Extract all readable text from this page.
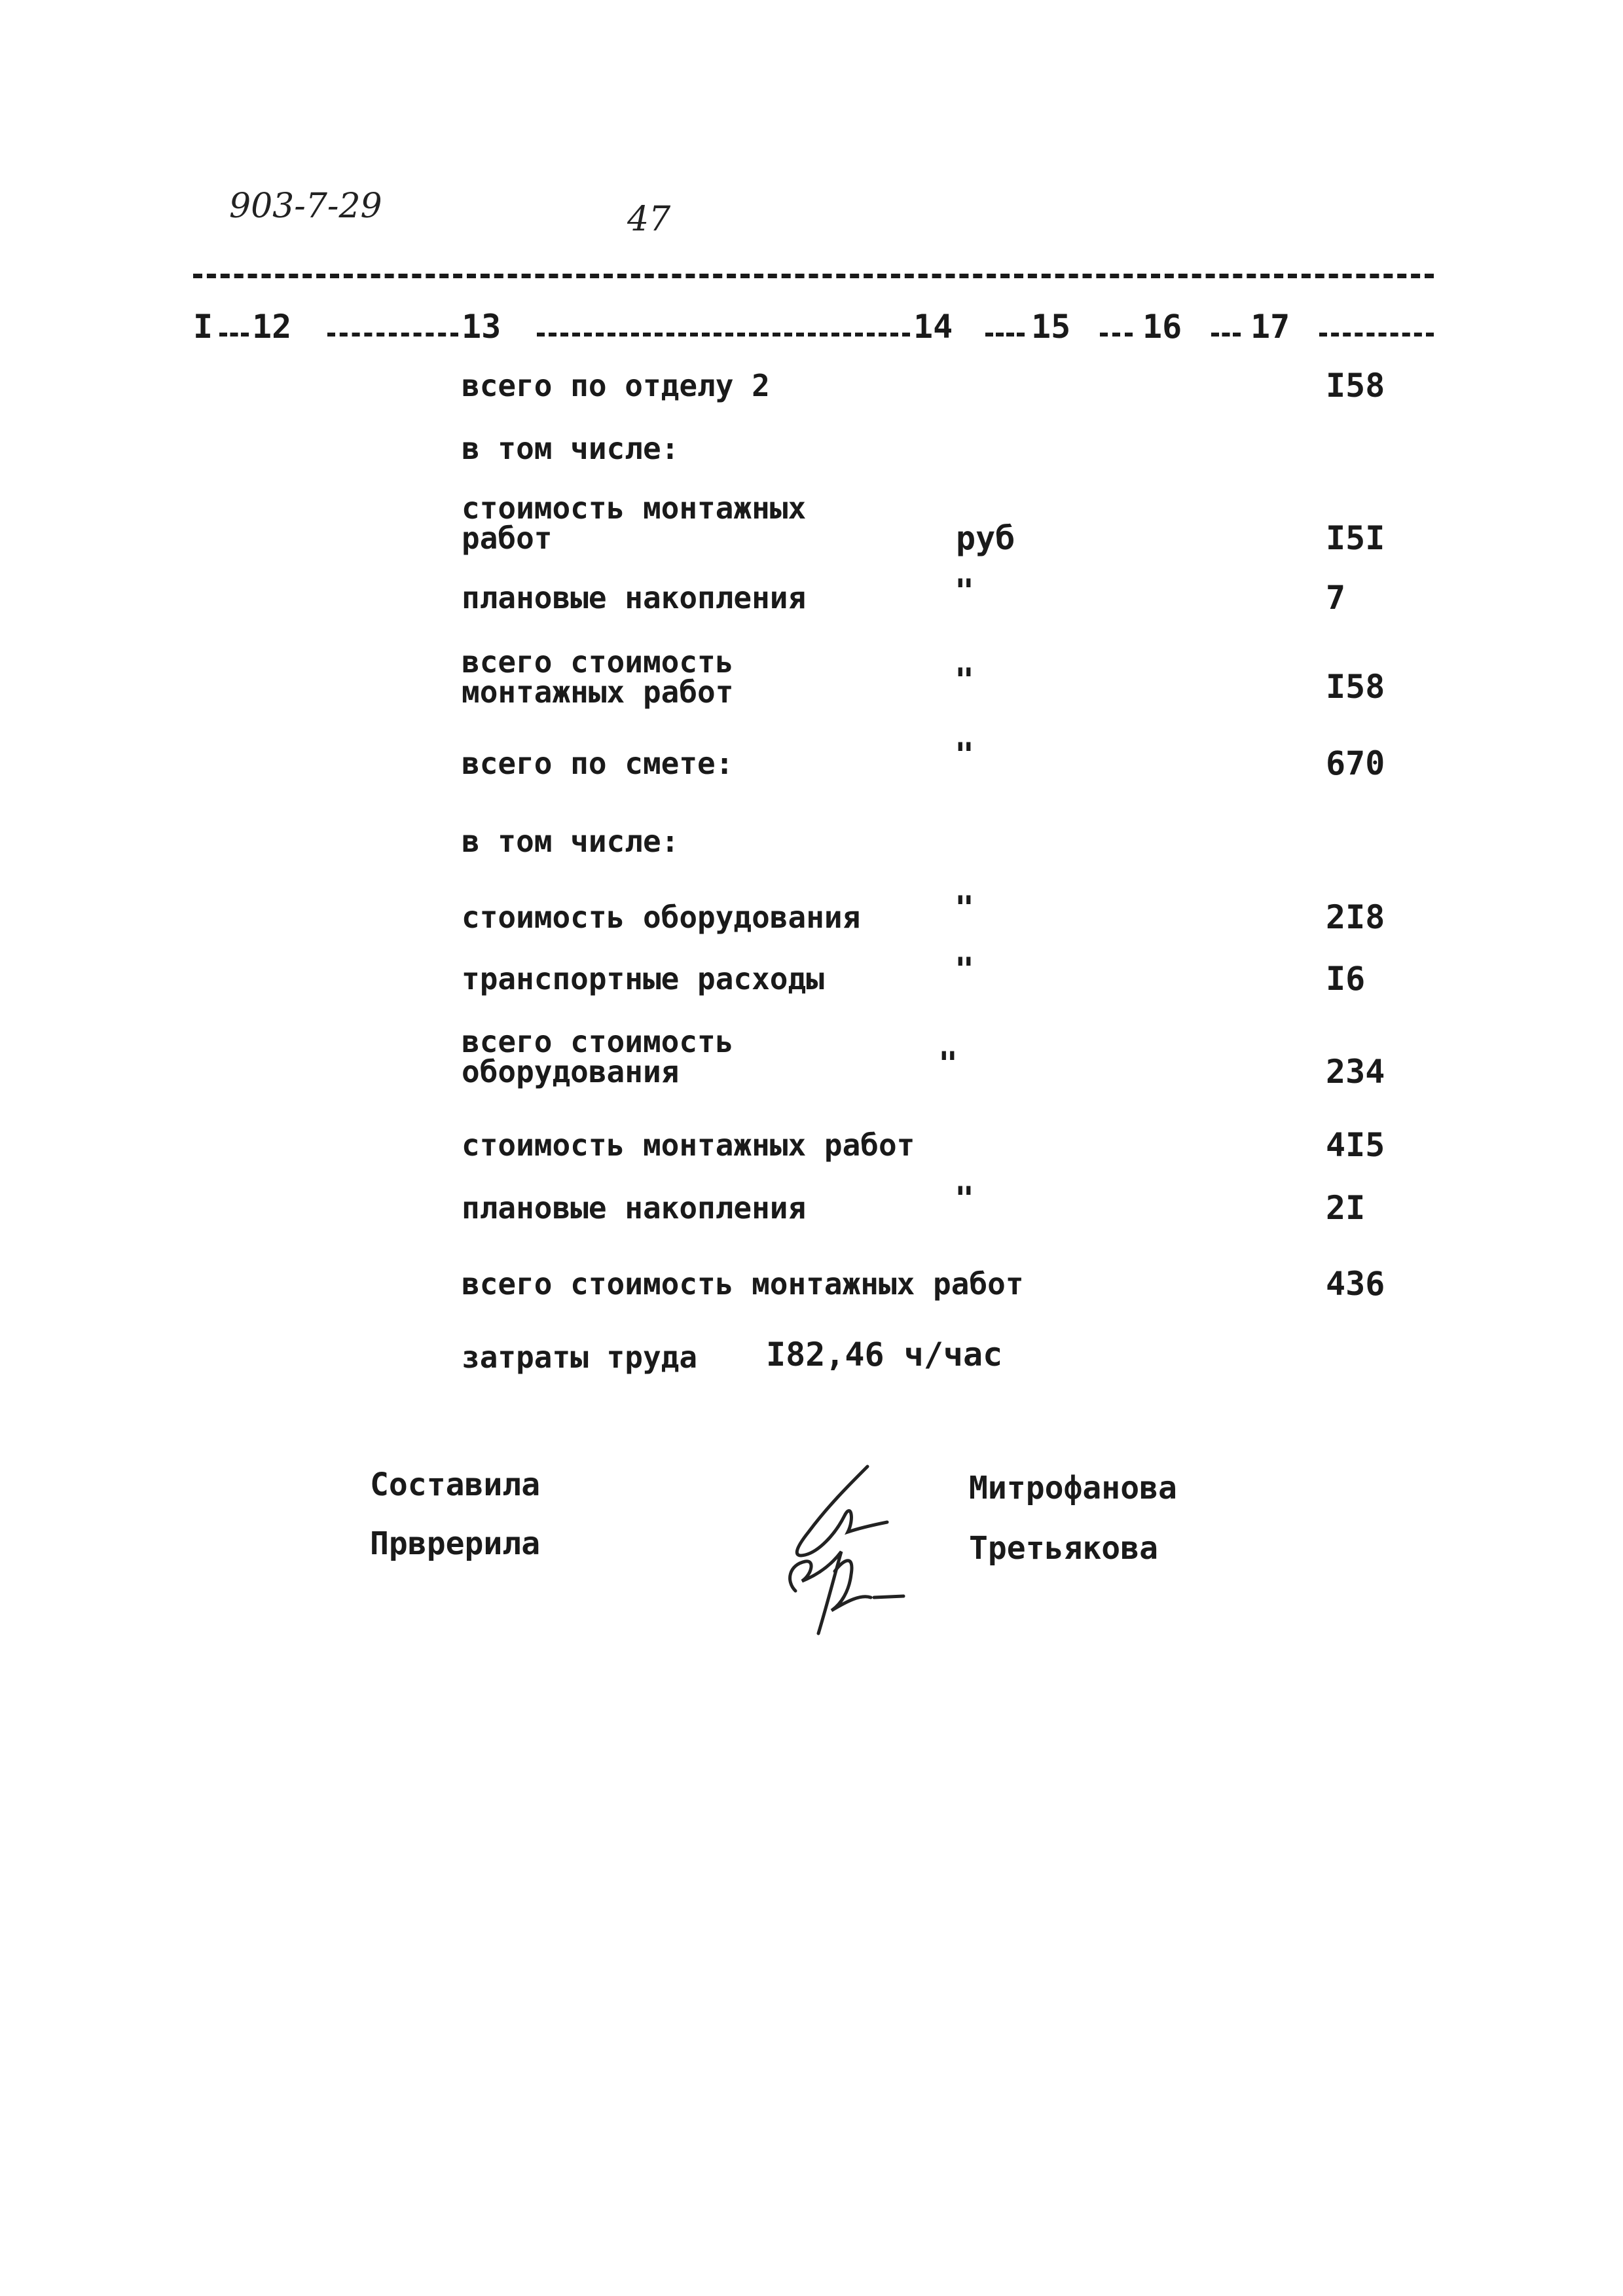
903-7-29	47
I 12	13	14 15 16 17
всего по отделу 2	I58
в том числе:
стоимость монтажных
работ	руб	I5I
плановые накопления	"	7
всего стоимость
монтажных работ	"	I58
всего по смете:	"	670
в том числе:
стоимость оборудования	"	2I8
транспортные расходы	"	I6
всего стоимость
оборудования	"	234
стоимость монтажных работ	4I5
плановые накопления	"	2I
всего стоимость монтажных работ	436
затраты труда I82,46 ч/час
Составила
Прврерила
Митрофанова
Третьякова
